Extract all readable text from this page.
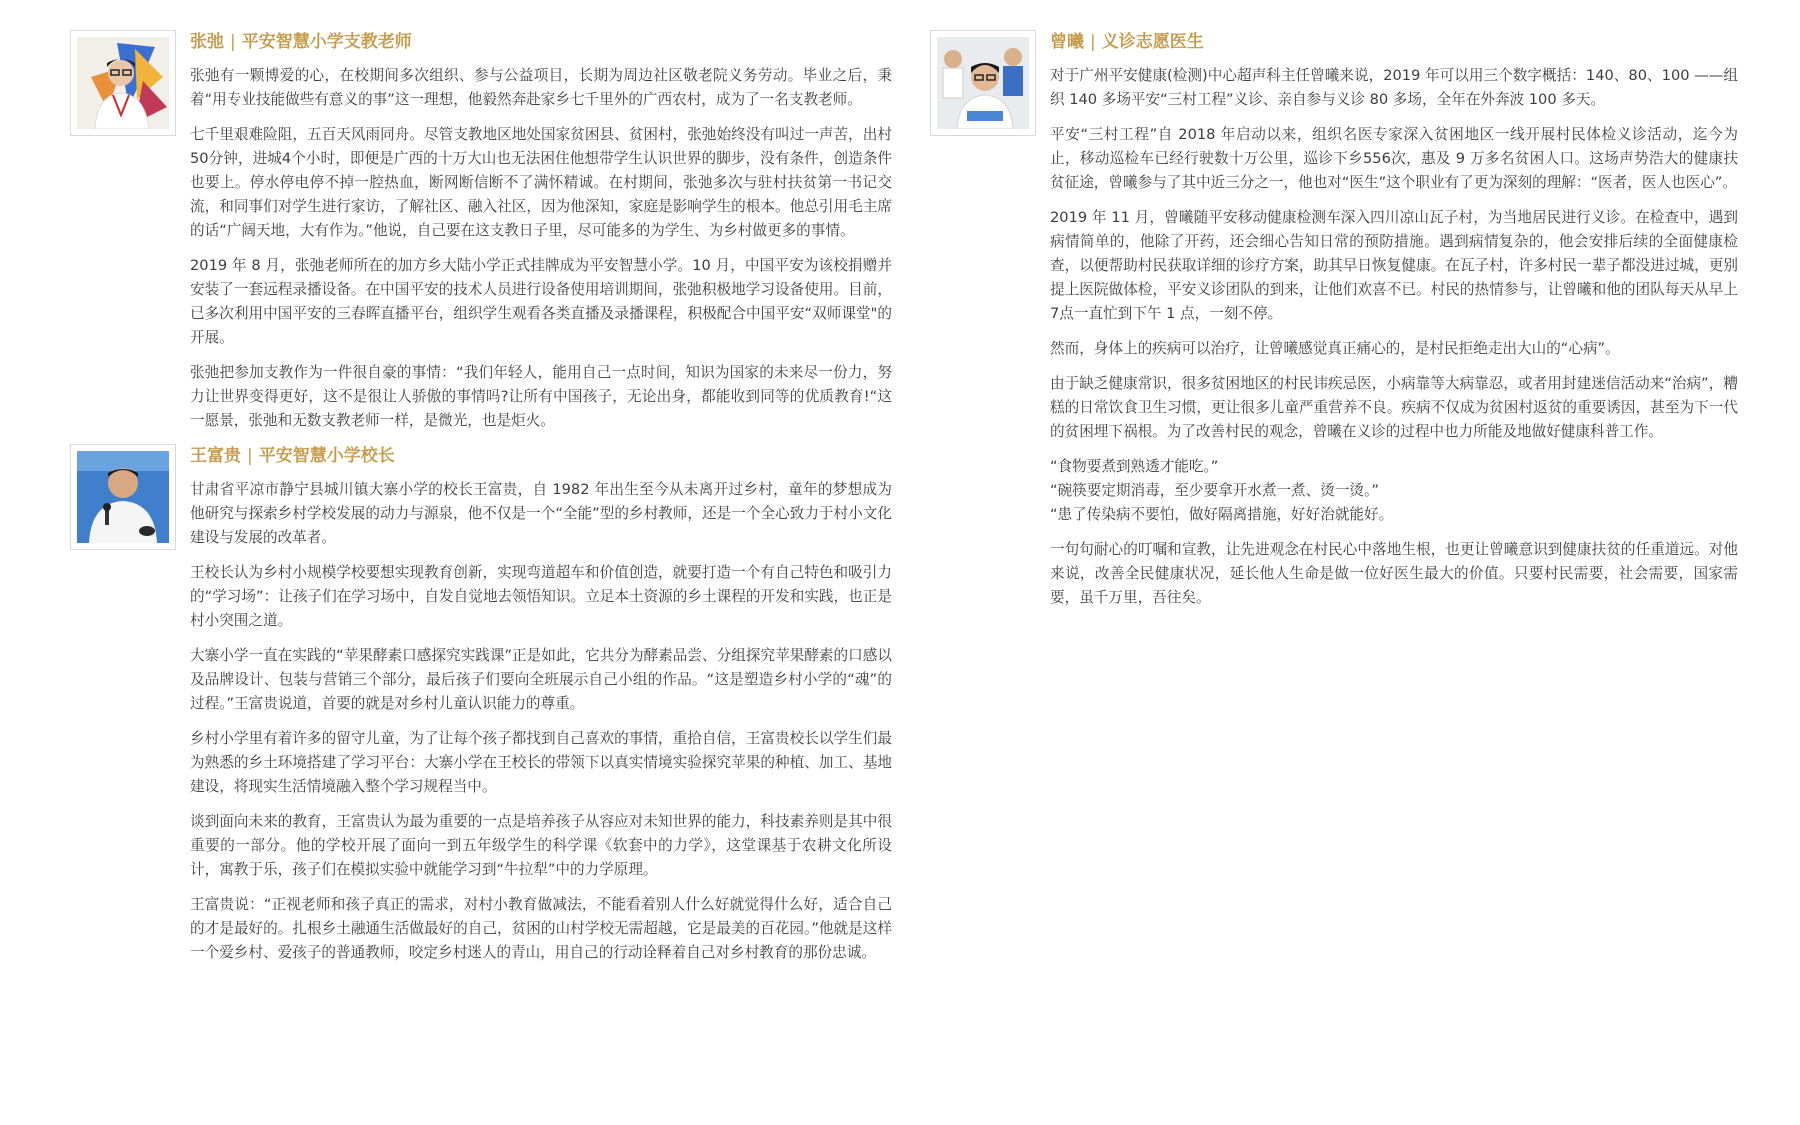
张弛 | 平安智慧小学支教老师

张弛有一颗博爱的心，在校期间多次组织、参与公益项目，长期为周边社区敬老院义务劳动。毕业之后，秉着“用专业技能做些有意义的事”这一理想，他毅然奔赴家乡七千里外的广西农村，成为了一名支教老师。

七千里艰难险阻，五百天风雨同舟。尽管支教地区地处国家贫困县、贫困村，张弛始终没有叫过一声苦，出村50分钟，进城4个小时，即便是广西的十万大山也无法困住他想带学生认识世界的脚步，没有条件，创造条件也要上。停水停电停不掉一腔热血，断网断信断不了满怀精诚。在村期间，张弛多次与驻村扶贫第一书记交流，和同事们对学生进行家访，了解社区、融入社区，因为他深知，家庭是影响学生的根本。他总引用毛主席的话“广阔天地，大有作为。”他说，自己要在这支教日子里，尽可能多的为学生、为乡村做更多的事情。

2019 年 8 月，张弛老师所在的加方乡大陆小学正式挂牌成为平安智慧小学。10 月，中国平安为该校捐赠并安装了一套远程录播设备。在中国平安的技术人员进行设备使用培训期间，张弛积极地学习设备使用。目前，已多次利用中国平安的三春晖直播平台，组织学生观看各类直播及录播课程，积极配合中国平安“双师课堂"的开展。

张弛把参加支教作为一件很自豪的事情：“我们年轻人，能用自己一点时间，知识为国家的未来尽一份力，努力让世界变得更好，这不是很让人骄傲的事情吗?让所有中国孩子，无论出身，都能收到同等的优质教育!“这一愿景，张弛和无数支教老师一样，是微光，也是炬火。

王富贵 | 平安智慧小学校长

甘肃省平凉市静宁县城川镇大寨小学的校长王富贵，自 1982 年出生至今从未离开过乡村，童年的梦想成为他研究与探索乡村学校发展的动力与源泉，他不仅是一个“全能”型的乡村教师，还是一个全心致力于村小文化建设与发展的改革者。

王校长认为乡村小规模学校要想实现教育创新，实现弯道超车和价值创造，就要打造一个有自己特色和吸引力的“学习场”：让孩子们在学习场中，自发自觉地去领悟知识。立足本土资源的乡土课程的开发和实践，也正是村小突围之道。

大寨小学一直在实践的“苹果酵素口感探究实践课”正是如此，它共分为酵素品尝、分组探究苹果酵素的口感以及品牌设计、包装与营销三个部分，最后孩子们要向全班展示自己小组的作品。“这是塑造乡村小学的“魂”的过程。”王富贵说道，首要的就是对乡村儿童认识能力的尊重。

乡村小学里有着许多的留守儿童，为了让每个孩子都找到自己喜欢的事情，重拾自信，王富贵校长以学生们最为熟悉的乡土环境搭建了学习平台：大寨小学在王校长的带领下以真实情境实验探究苹果的种植、加工、基地建设，将现实生活情境融入整个学习规程当中。

谈到面向未来的教育，王富贵认为最为重要的一点是培养孩子从容应对未知世界的能力，科技素养则是其中很重要的一部分。他的学校开展了面向一到五年级学生的科学课《软套中的力学》，这堂课基于农耕文化所设计，寓教于乐，孩子们在模拟实验中就能学习到“牛拉犁”中的力学原理。

王富贵说：“正视老师和孩子真正的需求，对村小教育做减法，不能看着别人什么好就觉得什么好，适合自己的才是最好的。扎根乡土融通生活做最好的自己，贫困的山村学校无需超越，它是最美的百花园。”他就是这样一个爱乡村、爱孩子的普通教师，咬定乡村迷人的青山，用自己的行动诠释着自己对乡村教育的那份忠诚。

曾曦 | 义诊志愿医生

对于广州平安健康(检测)中心超声科主任曾曦来说，2019 年可以用三个数字概括：140、80、100 ——组织 140 多场平安“三村工程”义诊、亲自参与义诊 80 多场，全年在外奔波 100 多天。

平安“三村工程”自 2018 年启动以来，组织名医专家深入贫困地区一线开展村民体检义诊活动，迄今为止，移动巡检车已经行驶数十万公里，巡诊下乡556次，惠及 9 万多名贫困人口。这场声势浩大的健康扶贫征途，曾曦参与了其中近三分之一，他也对“医生”这个职业有了更为深刻的理解：“医者，医人也医心”。

2019 年 11 月，曾曦随平安移动健康检测车深入四川凉山瓦子村，为当地居民进行义诊。在检查中，遇到病情简单的，他除了开药，还会细心告知日常的预防措施。遇到病情复杂的，他会安排后续的全面健康检查，以便帮助村民获取详细的诊疗方案，助其早日恢复健康。在瓦子村，许多村民一辈子都没进过城，更别提上医院做体检，平安义诊团队的到来，让他们欢喜不已。村民的热情参与，让曾曦和他的团队每天从早上7点一直忙到下午 1 点，一刻不停。

然而，身体上的疾病可以治疗，让曾曦感觉真正痛心的，是村民拒绝走出大山的“心病”。

由于缺乏健康常识，很多贫困地区的村民讳疾忌医，小病靠等大病靠忍，或者用封建迷信活动来“治病”，糟糕的日常饮食卫生习惯，更让很多儿童严重营养不良。疾病不仅成为贫困村返贫的重要诱因，甚至为下一代的贫困埋下祸根。为了改善村民的观念，曾曦在义诊的过程中也力所能及地做好健康科普工作。

“食物要煮到熟透才能吃。”

“碗筷要定期消毒，至少要拿开水煮一煮、烫一烫。”

“患了传染病不要怕，做好隔离措施，好好治就能好。

一句句耐心的叮嘱和宣教，让先进观念在村民心中落地生根，也更让曾曦意识到健康扶贫的任重道远。对他来说，改善全民健康状况，延长他人生命是做一位好医生最大的价值。只要村民需要，社会需要，国家需要，虽千万里，吾往矣。
